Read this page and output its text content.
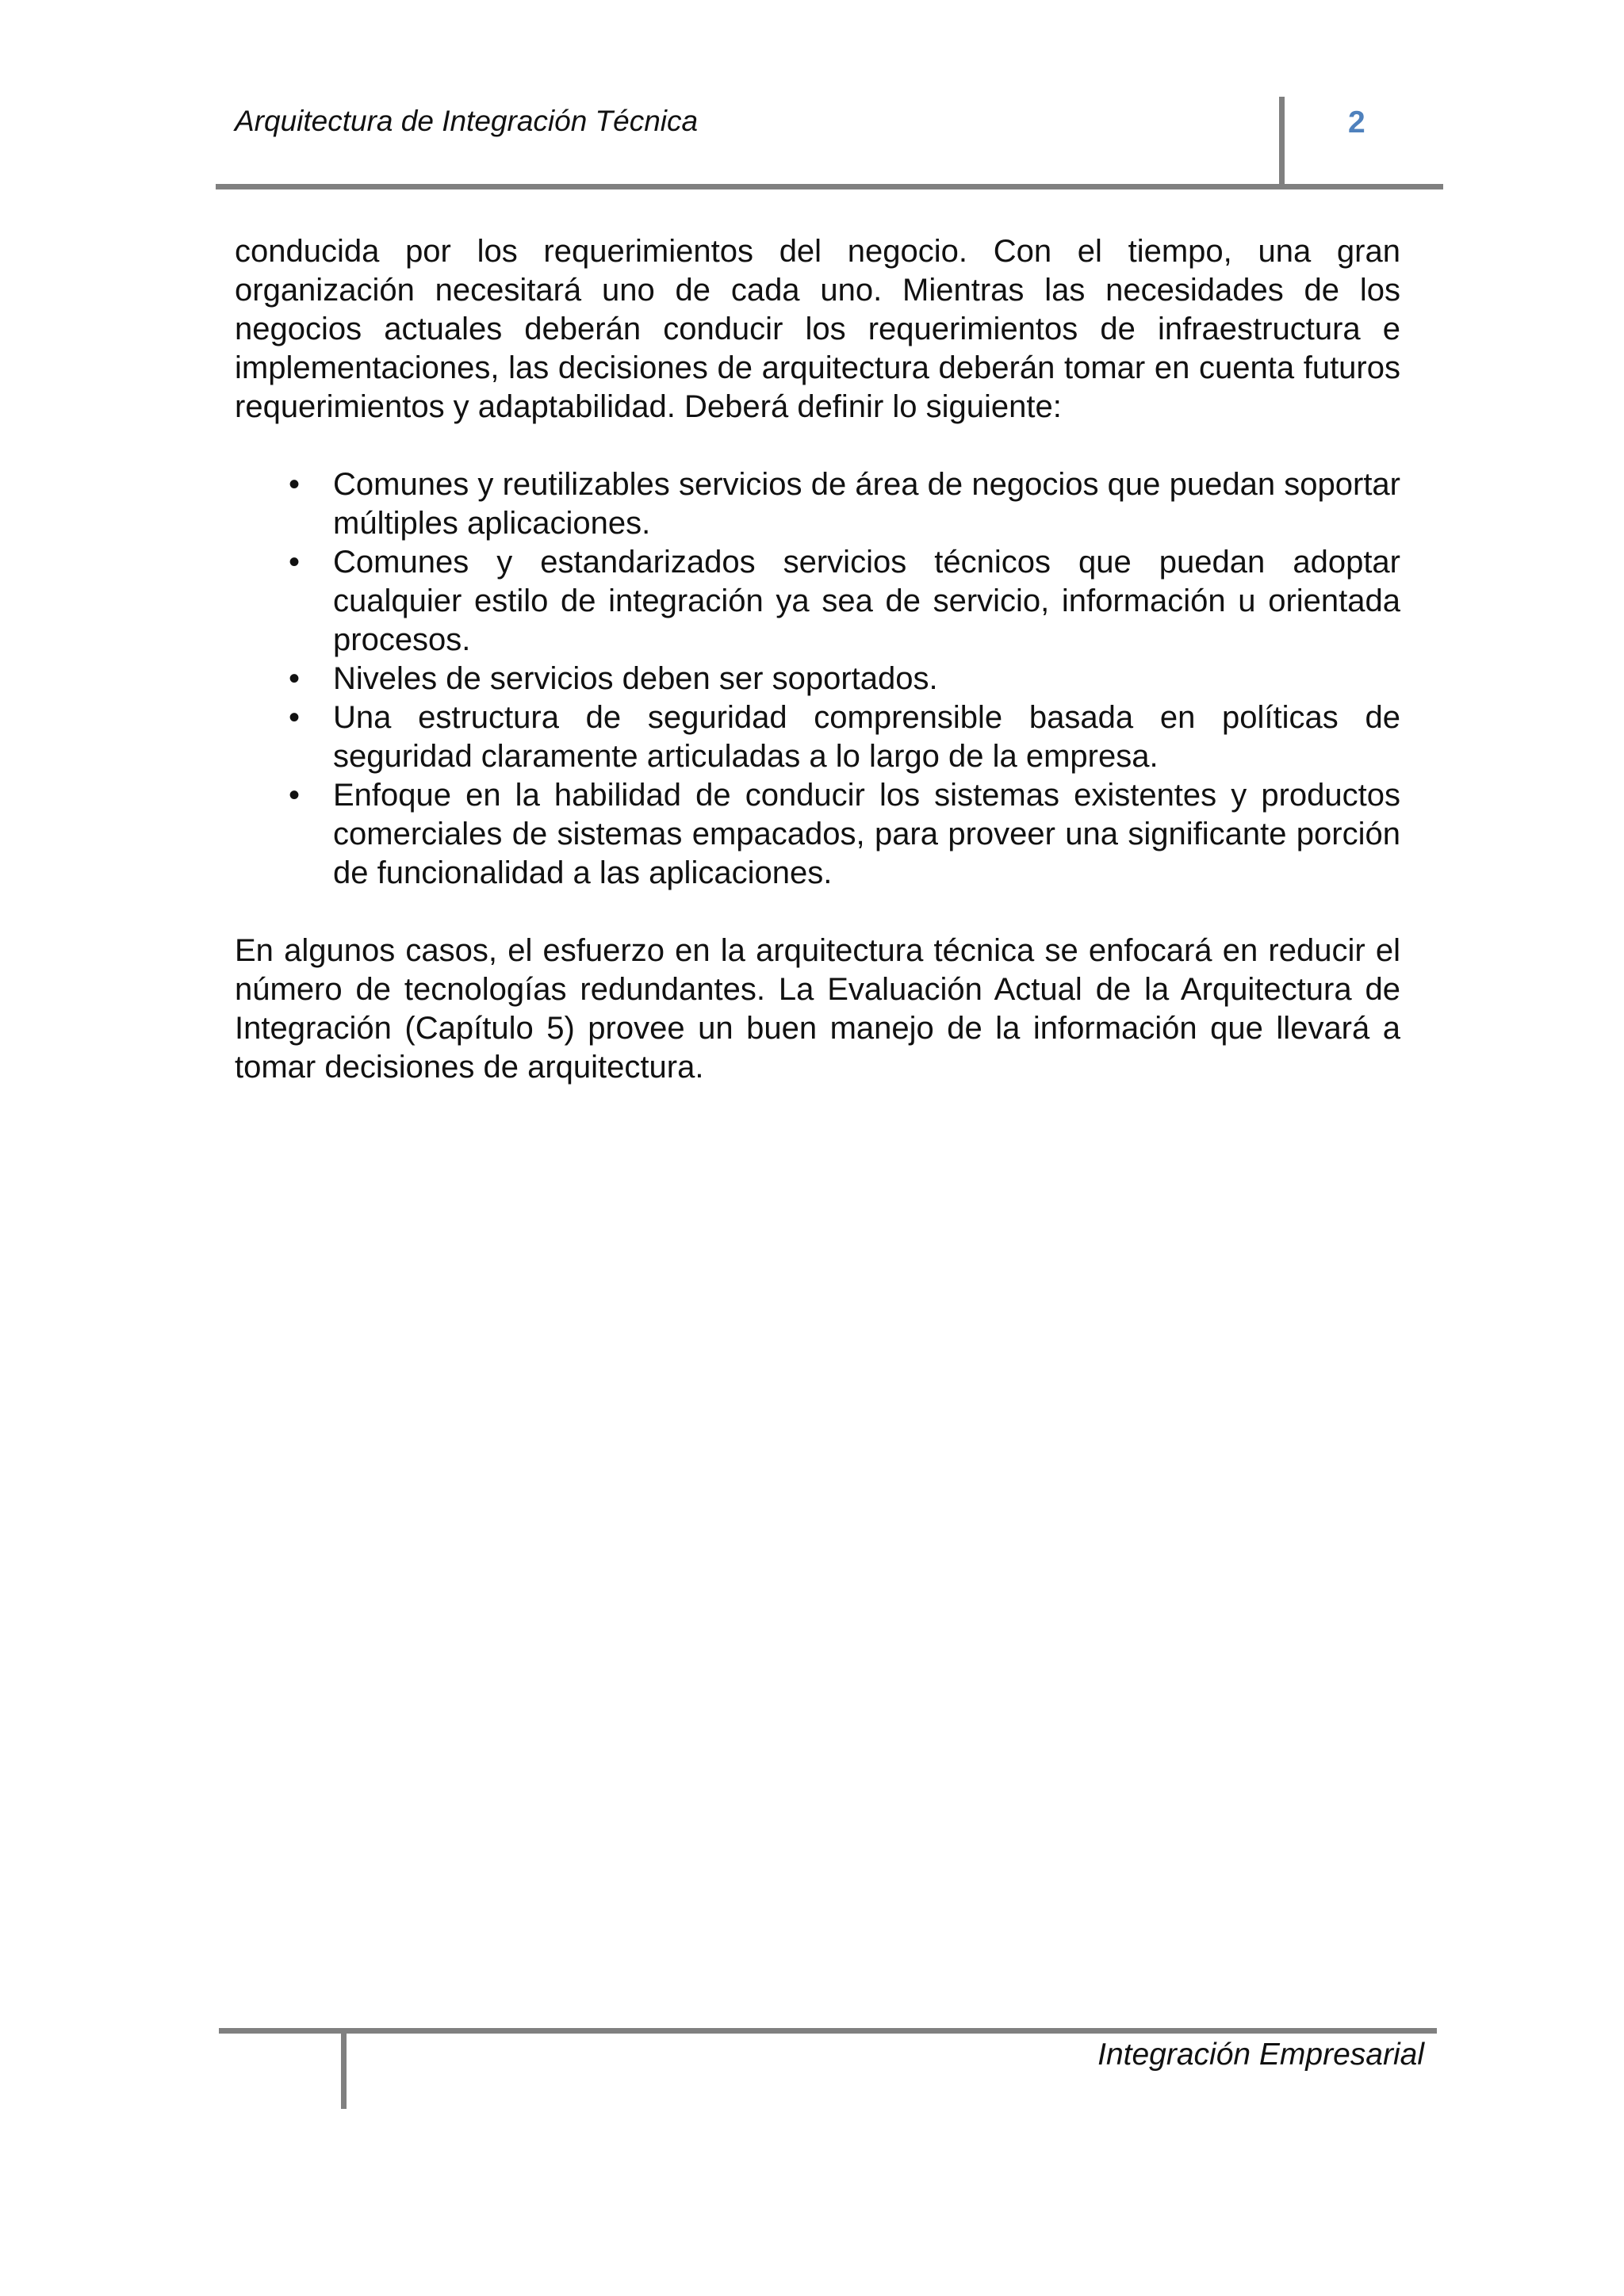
Arquitectura de Integración Técnica	2

conducida por los requerimientos del negocio. Con el tiempo, una gran organización necesitará uno de cada uno. Mientras las necesidades de los negocios actuales deberán conducir los requerimientos de infraestructura e implementaciones, las decisiones de arquitectura deberán tomar en cuenta futuros requerimientos y adaptabilidad. Deberá definir lo siguiente:

• Comunes y reutilizables servicios de área de negocios que puedan soportar múltiples aplicaciones.
• Comunes y estandarizados servicios técnicos que puedan adoptar cualquier estilo de integración ya sea de servicio, información u orientada procesos.
• Niveles de servicios deben ser soportados.
• Una estructura de seguridad comprensible basada en políticas de seguridad claramente articuladas a lo largo de la empresa.
• Enfoque en la habilidad de conducir los sistemas existentes y productos comerciales de sistemas empacados, para proveer una significante porción de funcionalidad a las aplicaciones.

En algunos casos, el esfuerzo en la arquitectura técnica se enfocará en reducir el número de tecnologías redundantes. La Evaluación Actual de la Arquitectura de Integración (Capítulo 5) provee un buen manejo de la información que llevará a tomar decisiones de arquitectura.

Integración Empresarial
